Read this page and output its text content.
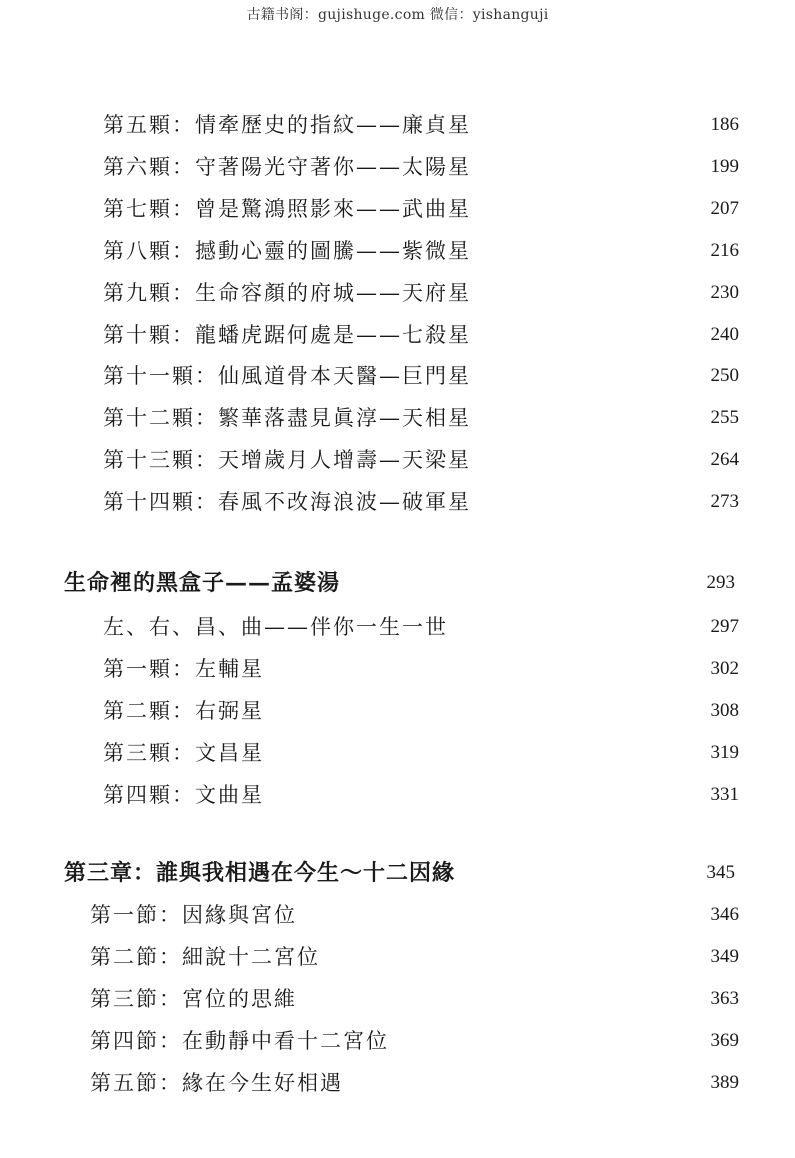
古籍书阁：gujishuge.com 微信：yishanguji
第五顆：情牽歷史的指紋——廉貞星	186
第六顆：守著陽光守著你——太陽星	199
第七顆：曾是驚鴻照影來——武曲星	207
第八顆：撼動心靈的圖騰——紫微星	216
第九顆：生命容顏的府城——天府星	230
第十顆：龍蟠虎踞何處是——七殺星	240
第十一顆：仙風道骨本天醫—巨門星	250
第十二顆：繁華落盡見眞淳—天相星	255
第十三顆：天增歲月人增壽—天梁星	264
第十四顆：春風不改海浪波—破軍星	273
生命裡的黑盒子——孟婆湯	293
左、右、昌、曲——伴你一生一世	297
第一顆：左輔星	302
第二顆：右弼星	308
第三顆：文昌星	319
第四顆：文曲星	331
第三章：誰與我相遇在今生～十二因緣	345
第一節：因緣與宮位	346
第二節：細說十二宮位	349
第三節：宮位的思維	363
第四節：在動靜中看十二宮位	369
第五節：緣在今生好相遇	389
